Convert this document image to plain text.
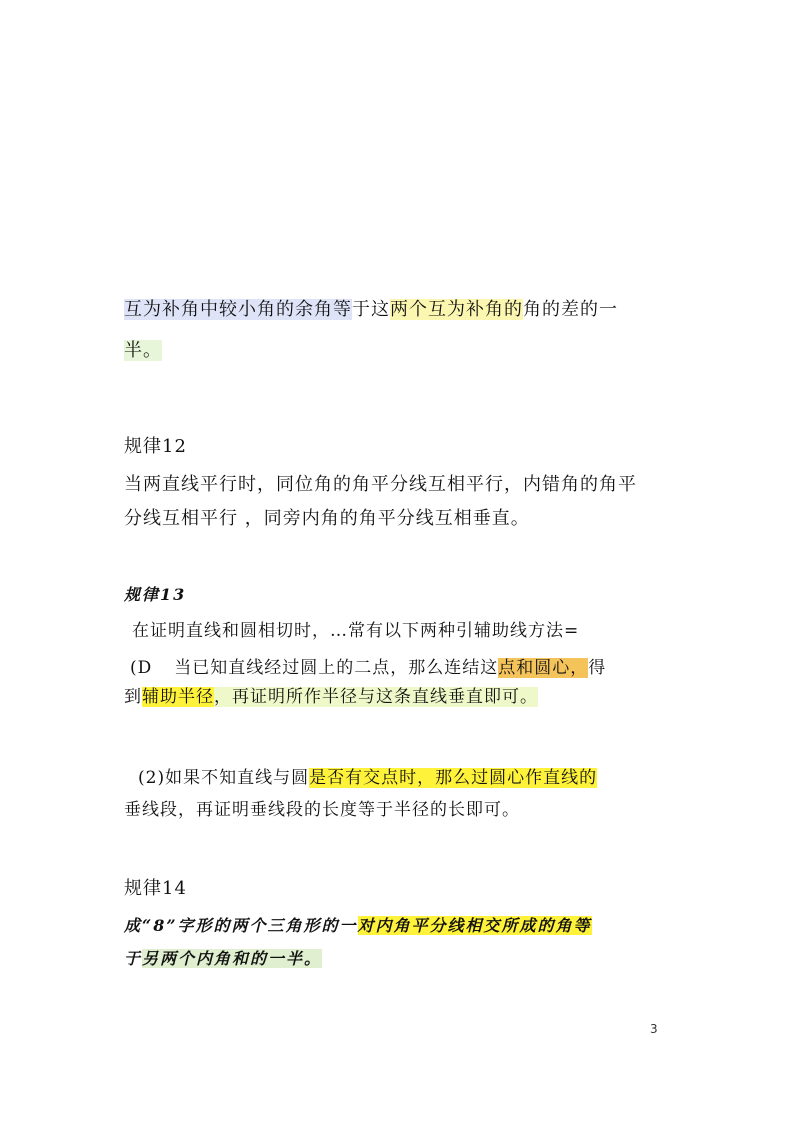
互为补角中较小角的余角等于这两个互为补角的角的差的一
半。
规律12
当两直线平行时，同位角的角平分线互相平行，内错角的角平
分线互相平行 ，同旁内角的角平分线互相垂直。
规律13
在证明直线和圆相切时，…常有以下两种引辅助线方法=
(D 当已知直线经过圆上的二点，那么连结这点和圆心，得
到辅助半径，再证明所作半径与这条直线垂直即可。
(2)如果不知直线与圆是否有交点时，那么过圆心作直线的
垂线段，再证明垂线段的长度等于半径的长即可。
规律14
成“8”字形的两个三角形的一对内角平分线相交所成的角等
于另两个内角和的一半。
3
